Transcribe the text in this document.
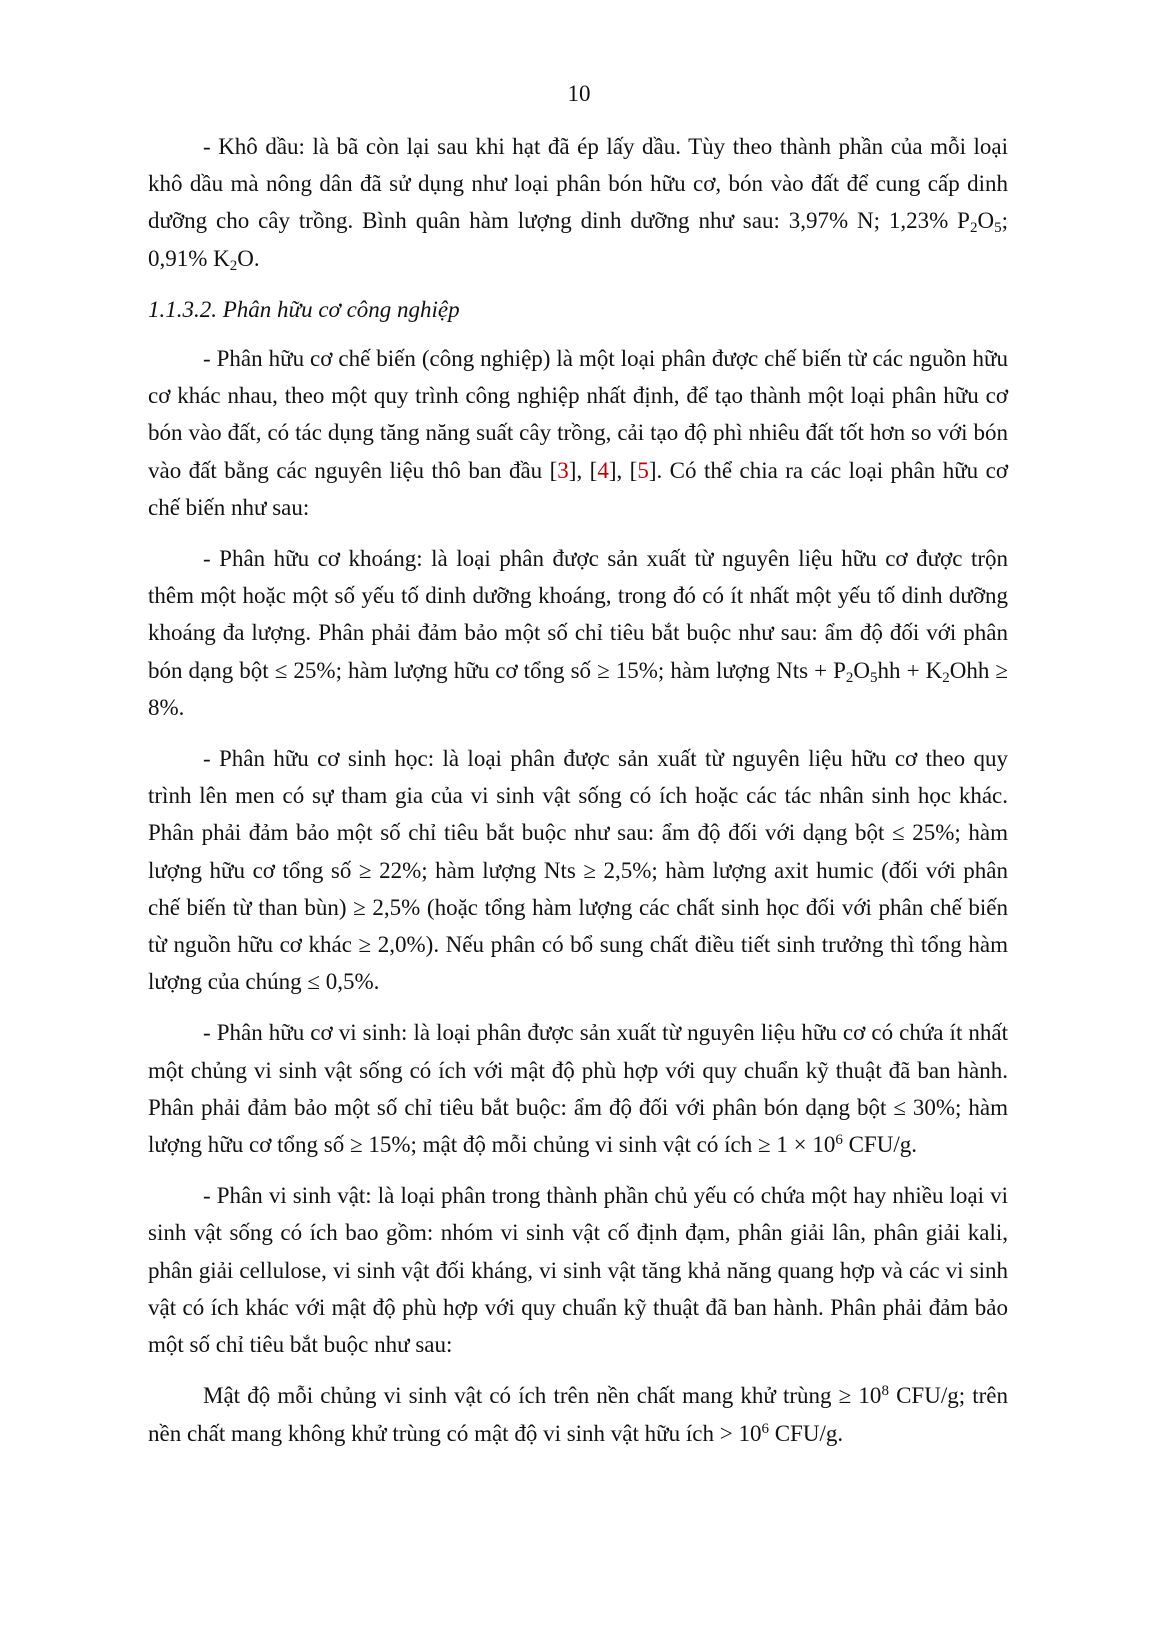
10

- Khô dầu: là bã còn lại sau khi hạt đã ép lấy dầu. Tùy theo thành phần của mỗi loại khô dầu mà nông dân đã sử dụng như loại phân bón hữu cơ, bón vào đất để cung cấp dinh dưỡng cho cây trồng. Bình quân hàm lượng dinh dưỡng như sau: 3,97% N; 1,23% $P_2O_5$; 0,91% $K_2O$.

1.1.3.2. Phân hữu cơ công nghiệp

- Phân hữu cơ chế biến (công nghiệp) là một loại phân được chế biến từ các nguồn hữu cơ khác nhau, theo một quy trình công nghiệp nhất định, để tạo thành một loại phân hữu cơ bón vào đất, có tác dụng tăng năng suất cây trồng, cải tạo độ phì nhiêu đất tốt hơn so với bón vào đất bằng các nguyên liệu thô ban đầu [3], [4], [5]. Có thể chia ra các loại phân hữu cơ chế biến như sau:

- Phân hữu cơ khoáng: là loại phân được sản xuất từ nguyên liệu hữu cơ được trộn thêm một hoặc một số yếu tố dinh dưỡng khoáng, trong đó có ít nhất một yếu tố dinh dưỡng khoáng đa lượng. Phân phải đảm bảo một số chỉ tiêu bắt buộc như sau: ẩm độ đối với phân bón dạng bột ≤ 25%; hàm lượng hữu cơ tổng số ≥ 15%; hàm lượng Nts + $P_2O_5hh + K_2Ohh \ge 8\%$.

- Phân hữu cơ sinh học: là loại phân được sản xuất từ nguyên liệu hữu cơ theo quy trình lên men có sự tham gia của vi sinh vật sống có ích hoặc các tác nhân sinh học khác. Phân phải đảm bảo một số chỉ tiêu bắt buộc như sau: ẩm độ đối với dạng bột ≤ 25%; hàm lượng hữu cơ tổng số ≥ 22%; hàm lượng Nts ≥ 2,5%; hàm lượng axit humic (đối với phân chế biến từ than bùn) ≥ 2,5% (hoặc tổng hàm lượng các chất sinh học đối với phân chế biến từ nguồn hữu cơ khác ≥ 2,0%). Nếu phân có bổ sung chất điều tiết sinh trưởng thì tổng hàm lượng của chúng ≤ 0,5%.

- Phân hữu cơ vi sinh: là loại phân được sản xuất từ nguyên liệu hữu cơ có chứa ít nhất một chủng vi sinh vật sống có ích với mật độ phù hợp với quy chuẩn kỹ thuật đã ban hành. Phân phải đảm bảo một số chỉ tiêu bắt buộc: ẩm độ đối với phân bón dạng bột ≤ 30%; hàm lượng hữu cơ tổng số ≥ 15%; mật độ mỗi chủng vi sinh vật có ích ≥ $1 \times 10^6$ CFU/g.

- Phân vi sinh vật: là loại phân trong thành phần chủ yếu có chứa một hay nhiều loại vi sinh vật sống có ích bao gồm: nhóm vi sinh vật cố định đạm, phân giải lân, phân giải kali, phân giải cellulose, vi sinh vật đối kháng, vi sinh vật tăng khả năng quang hợp và các vi sinh vật có ích khác với mật độ phù hợp với quy chuẩn kỹ thuật đã ban hành. Phân phải đảm bảo một số chỉ tiêu bắt buộc như sau:

Mật độ mỗi chủng vi sinh vật có ích trên nền chất mang khử trùng ≥ $10^8$ CFU/g; trên nền chất mang không khử trùng có mật độ vi sinh vật hữu ích > $10^6$ CFU/g.
